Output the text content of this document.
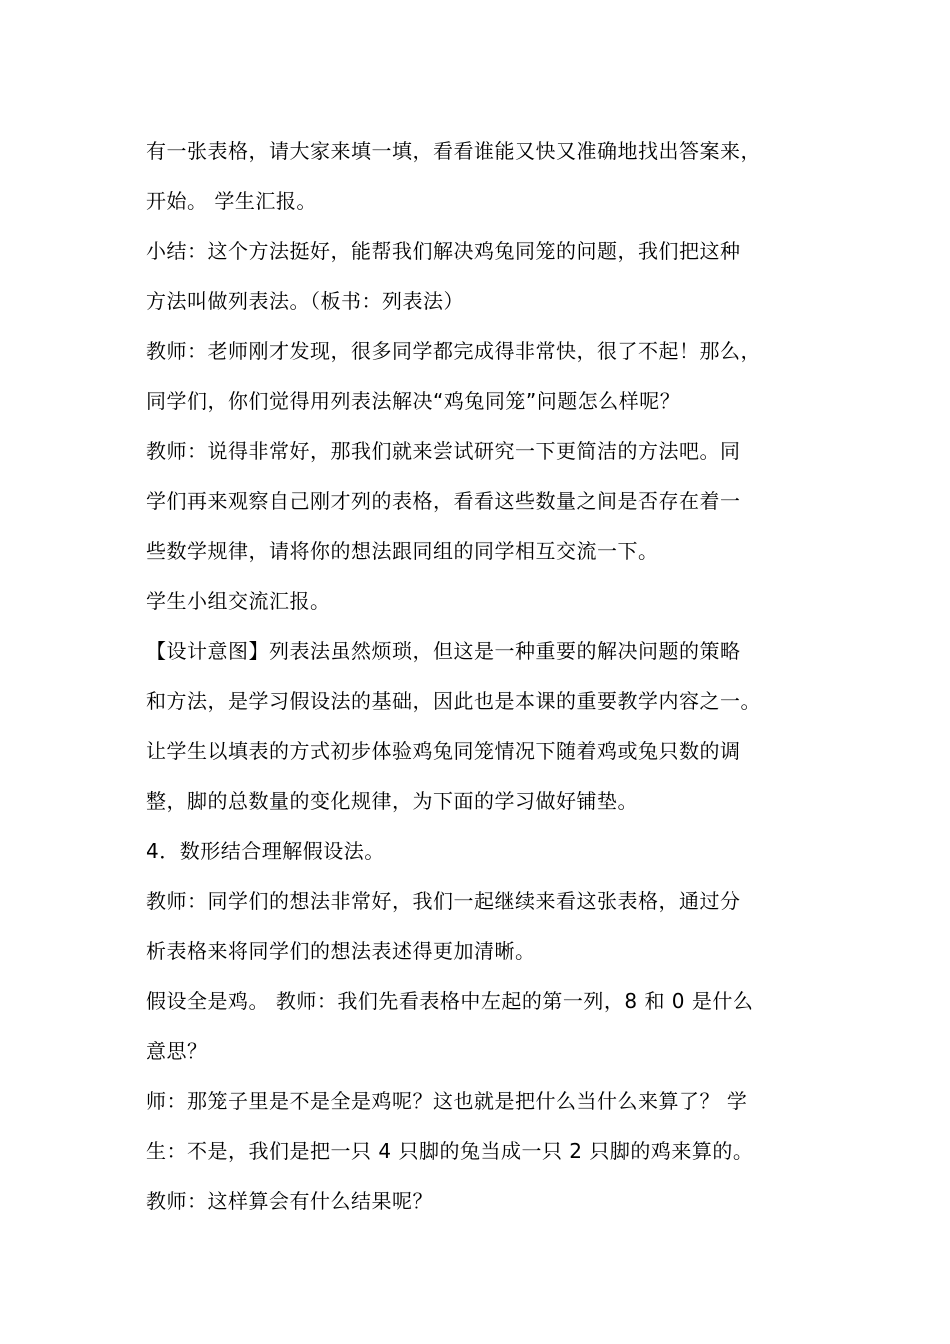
有一张表格，请大家来填一填，看看谁能又快又准确地找出答案来，
开始。 学生汇报。
小结：这个方法挺好，能帮我们解决鸡兔同笼的问题，我们把这种
方法叫做列表法。（板书：列表法）
教师：老师刚才发现，很多同学都完成得非常快，很了不起！那么，
同学们，你们觉得用列表法解决“鸡兔同笼”问题怎么样呢？
教师：说得非常好，那我们就来尝试研究一下更简洁的方法吧。同
学们再来观察自己刚才列的表格，看看这些数量之间是否存在着一
些数学规律，请将你的想法跟同组的同学相互交流一下。
学生小组交流汇报。
【设计意图】列表法虽然烦琐，但这是一种重要的解决问题的策略
和方法，是学习假设法的基础，因此也是本课的重要教学内容之一。
让学生以填表的方式初步体验鸡兔同笼情况下随着鸡或兔只数的调
整，脚的总数量的变化规律，为下面的学习做好铺垫。
4．数形结合理解假设法。
教师：同学们的想法非常好，我们一起继续来看这张表格，通过分
析表格来将同学们的想法表述得更加清晰。
假设全是鸡。 教师：我们先看表格中左起的第一列，8 和 0 是什么
意思？
师：那笼子里是不是全是鸡呢？这也就是把什么当什么来算了？ 学
生：不是，我们是把一只 4 只脚的兔当成一只 2 只脚的鸡来算的。
教师：这样算会有什么结果呢？
